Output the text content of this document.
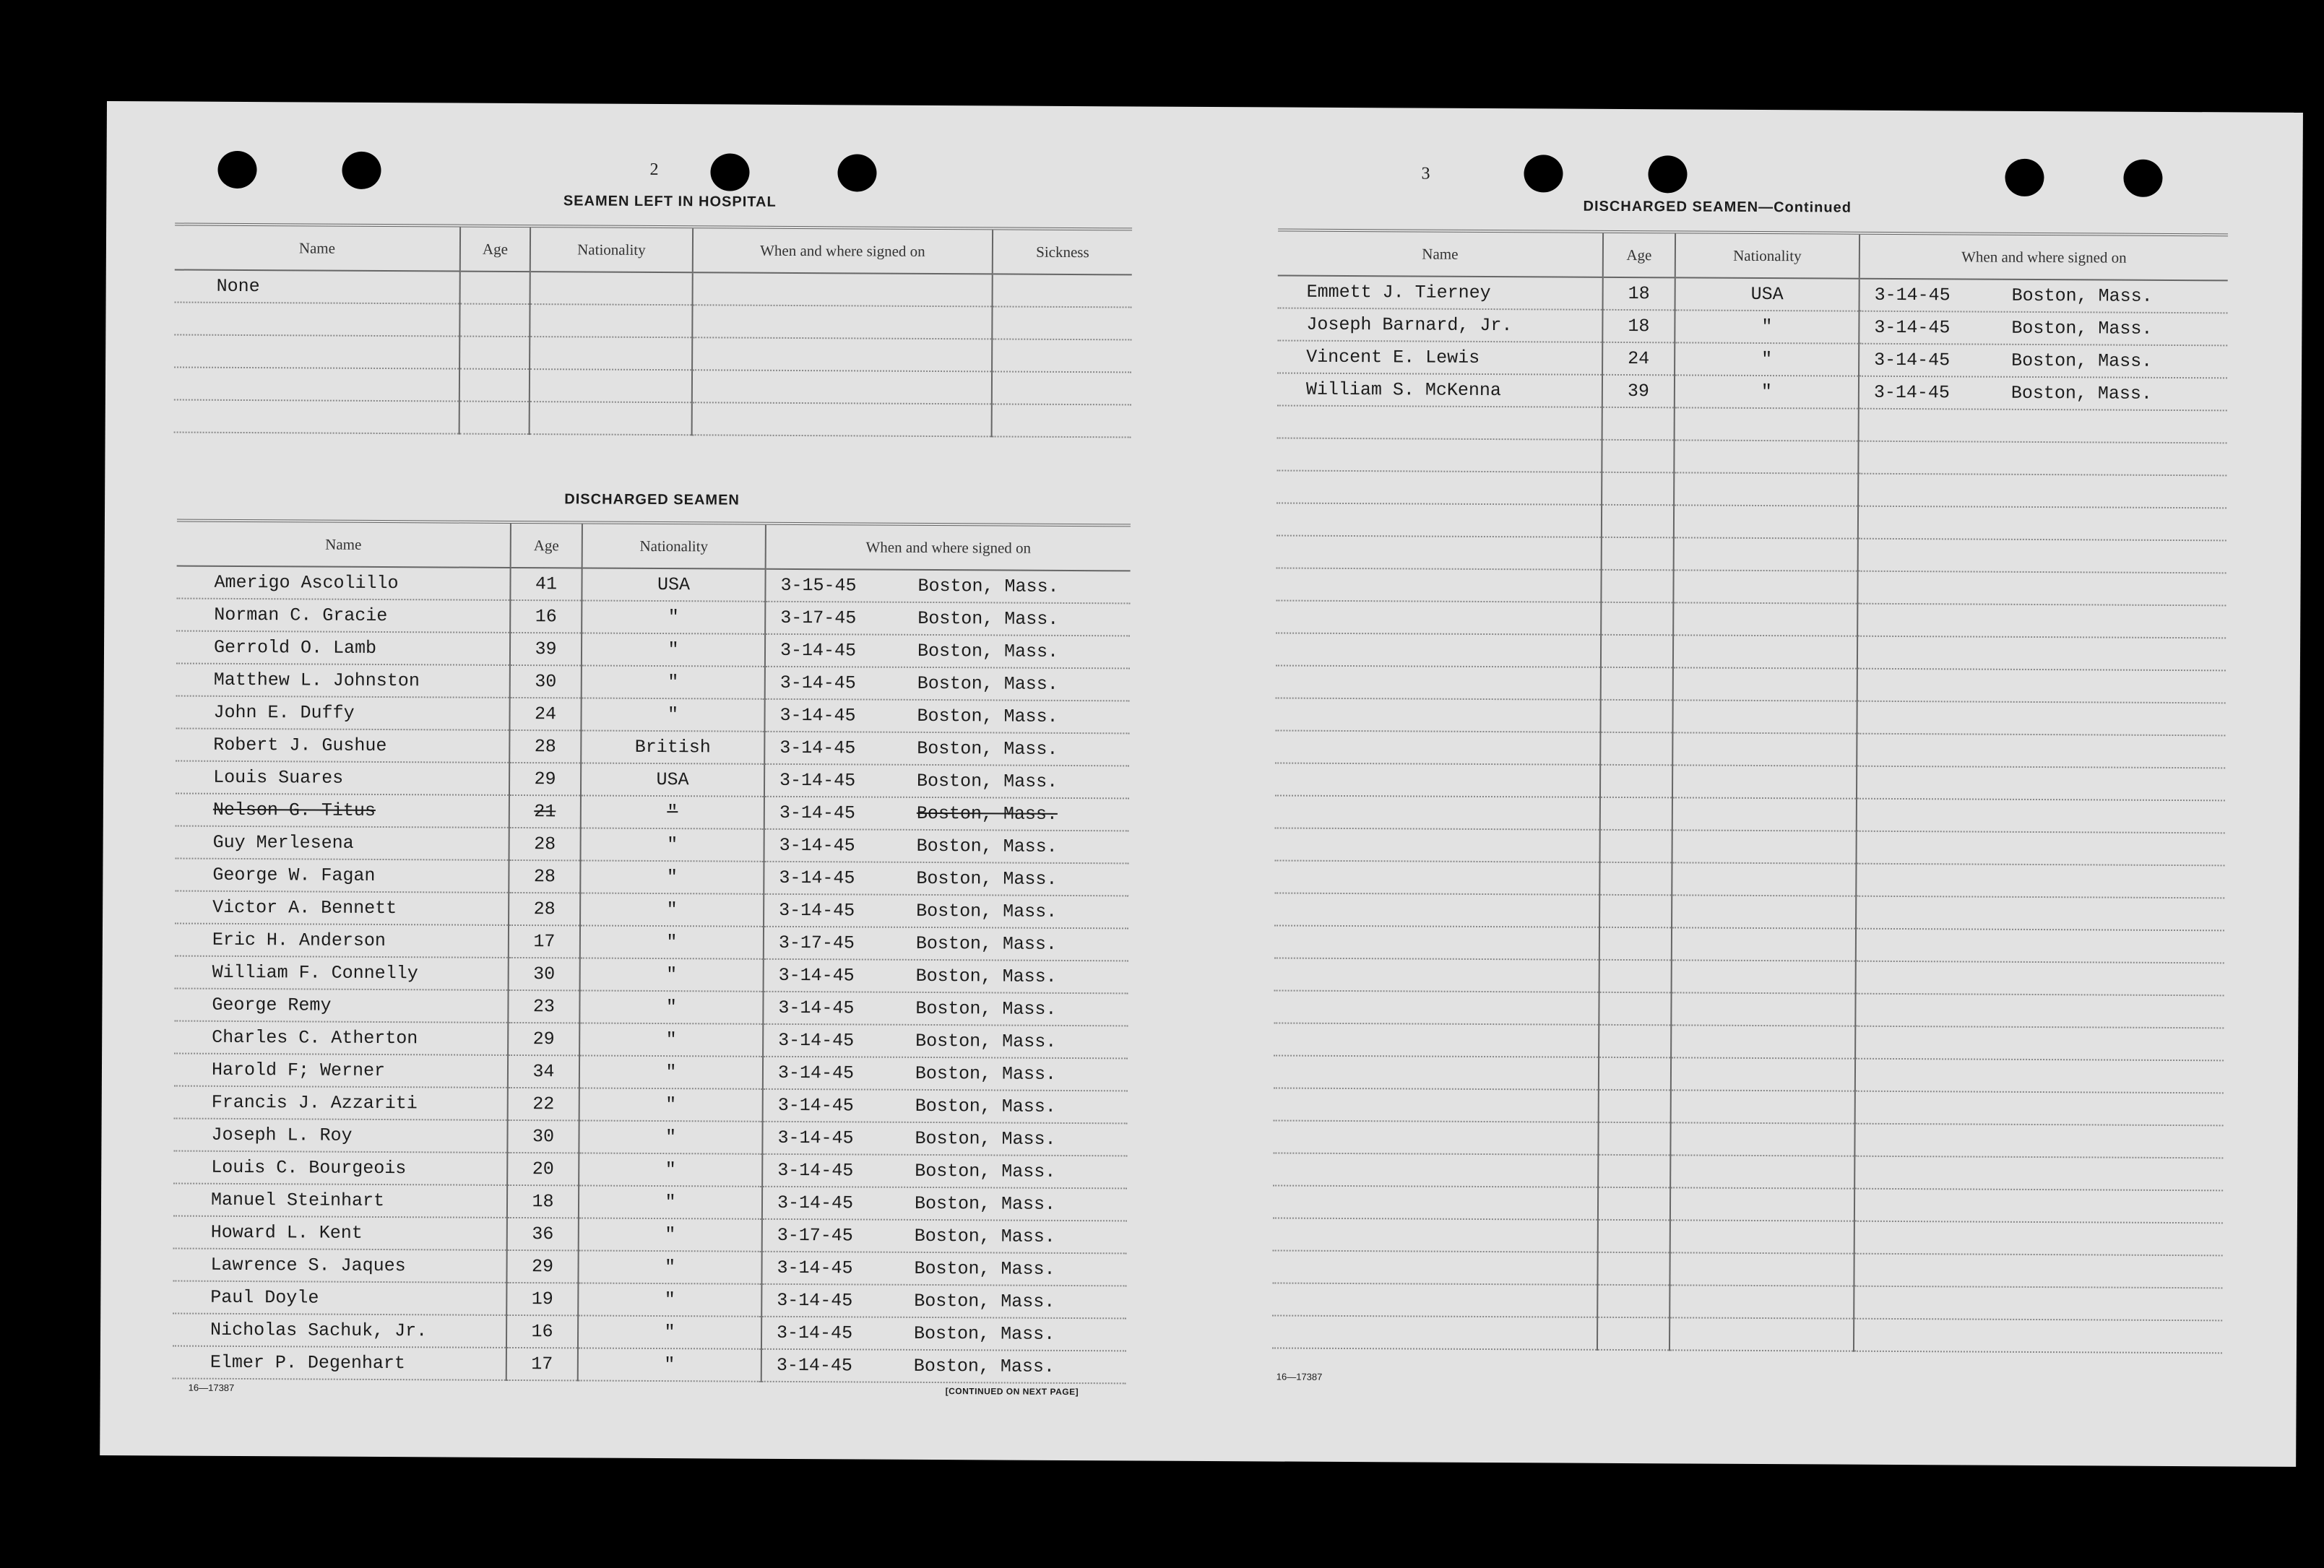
2
SEAMEN LEFT IN HOSPITAL
Name	Age	Nationality	When and where signed on	Sickness
None				

DISCHARGED SEAMEN
Name	Age	Nationality	When and where signed on
Amerigo Ascolillo	41	USA	3-15-45 Boston, Mass.
Norman C. Gracie	16	"	3-17-45 Boston, Mass.
Gerrold O. Lamb	39	"	3-14-45 Boston, Mass.
Matthew L. Johnston	30	"	3-14-45 Boston, Mass.
John E. Duffy	24	"	3-14-45 Boston, Mass.
Robert J. Gushue	28	British	3-14-45 Boston, Mass.
Louis Suares	29	USA	3-14-45 Boston, Mass.
Nelson G. Titus	21	"	3-14-45 Boston, Mass.
Guy Merlesena	28	"	3-14-45 Boston, Mass.
George W. Fagan	28	"	3-14-45 Boston, Mass.
Victor A. Bennett	28	"	3-14-45 Boston, Mass.
Eric H. Anderson	17	"	3-17-45 Boston, Mass.
William F. Connelly	30	"	3-14-45 Boston, Mass.
George Remy	23	"	3-14-45 Boston, Mass.
Charles C. Atherton	29	"	3-14-45 Boston, Mass.
Harold F; Werner	34	"	3-14-45 Boston, Mass.
Francis J. Azzariti	22	"	3-14-45 Boston, Mass.
Joseph L. Roy	30	"	3-14-45 Boston, Mass.
Louis C. Bourgeois	20	"	3-14-45 Boston, Mass.
Manuel Steinhart	18	"	3-14-45 Boston, Mass.
Howard L. Kent	36	"	3-17-45 Boston, Mass.
Lawrence S. Jaques	29	"	3-14-45 Boston, Mass.
Paul Doyle	19	"	3-14-45 Boston, Mass.
Nicholas Sachuk, Jr.	16	"	3-14-45 Boston, Mass.
Elmer P. Degenhart	17	"	3-14-45 Boston, Mass.
16—17387	[CONTINUED ON NEXT PAGE]
3
DISCHARGED SEAMEN—Continued
Name	Age	Nationality	When and where signed on
Emmett J. Tierney	18	USA	3-14-45 Boston, Mass.
Joseph Barnard, Jr.	18	"	3-14-45 Boston, Mass.
Vincent E. Lewis	24	"	3-14-45 Boston, Mass.
William S. McKenna	39	"	3-14-45 Boston, Mass.

16—17387
